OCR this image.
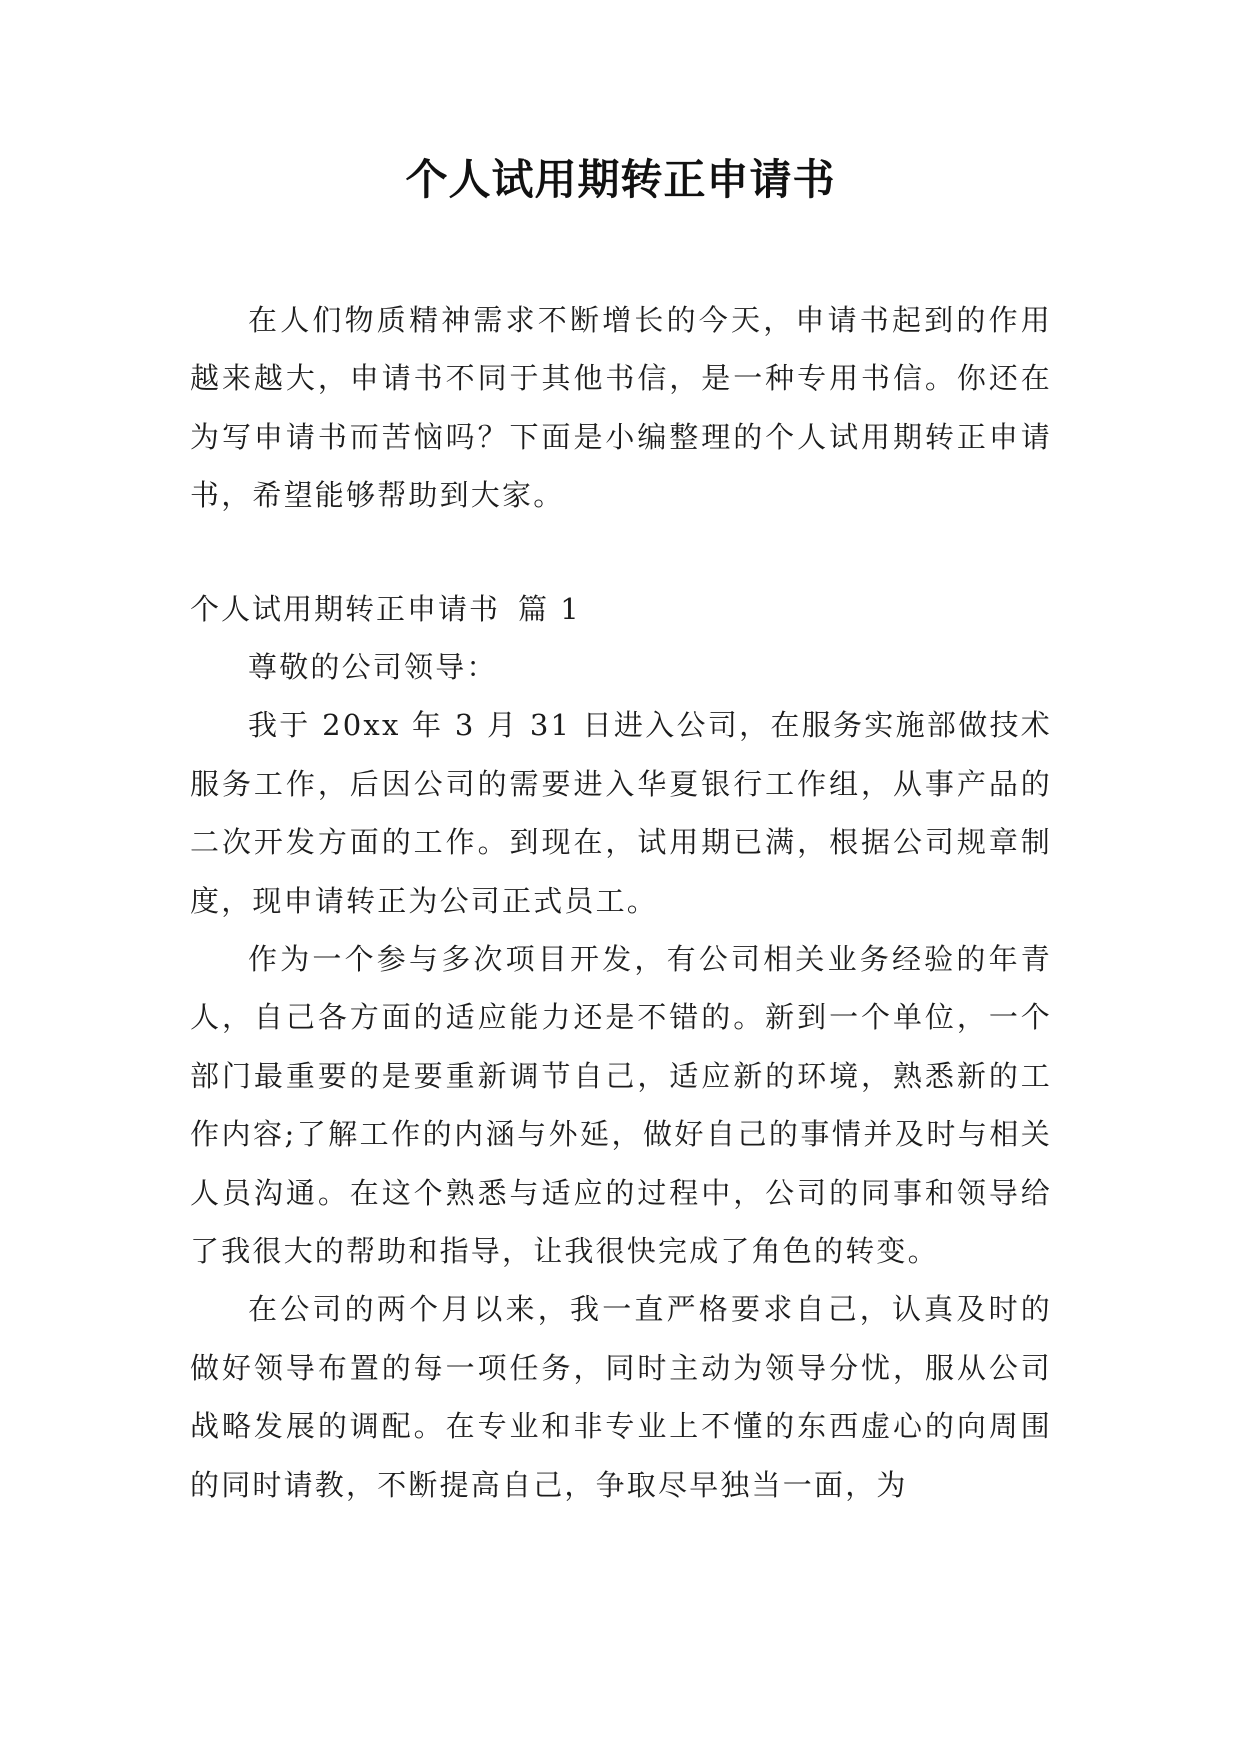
个人试用期转正申请书

在人们物质精神需求不断增长的今天，申请书起到的作用越来越大，申请书不同于其他书信，是一种专用书信。你还在为写申请书而苦恼吗？下面是小编整理的个人试用期转正申请书，希望能够帮助到大家。

个人试用期转正申请书 篇 1

尊敬的公司领导：

我于 20xx 年 3 月 31 日进入公司，在服务实施部做技术服务工作，后因公司的需要进入华夏银行工作组，从事产品的二次开发方面的工作。到现在，试用期已满，根据公司规章制度，现申请转正为公司正式员工。

作为一个参与多次项目开发，有公司相关业务经验的年青人，自己各方面的适应能力还是不错的。新到一个单位，一个部门最重要的是要重新调节自己，适应新的环境，熟悉新的工作内容;了解工作的内涵与外延，做好自己的事情并及时与相关人员沟通。在这个熟悉与适应的过程中，公司的同事和领导给了我很大的帮助和指导，让我很快完成了角色的转变。

在公司的两个月以来，我一直严格要求自己，认真及时的做好领导布置的每一项任务，同时主动为领导分忧，服从公司战略发展的调配。在专业和非专业上不懂的东西虚心的向周围的同时请教，不断提高自己，争取尽早独当一面，为
